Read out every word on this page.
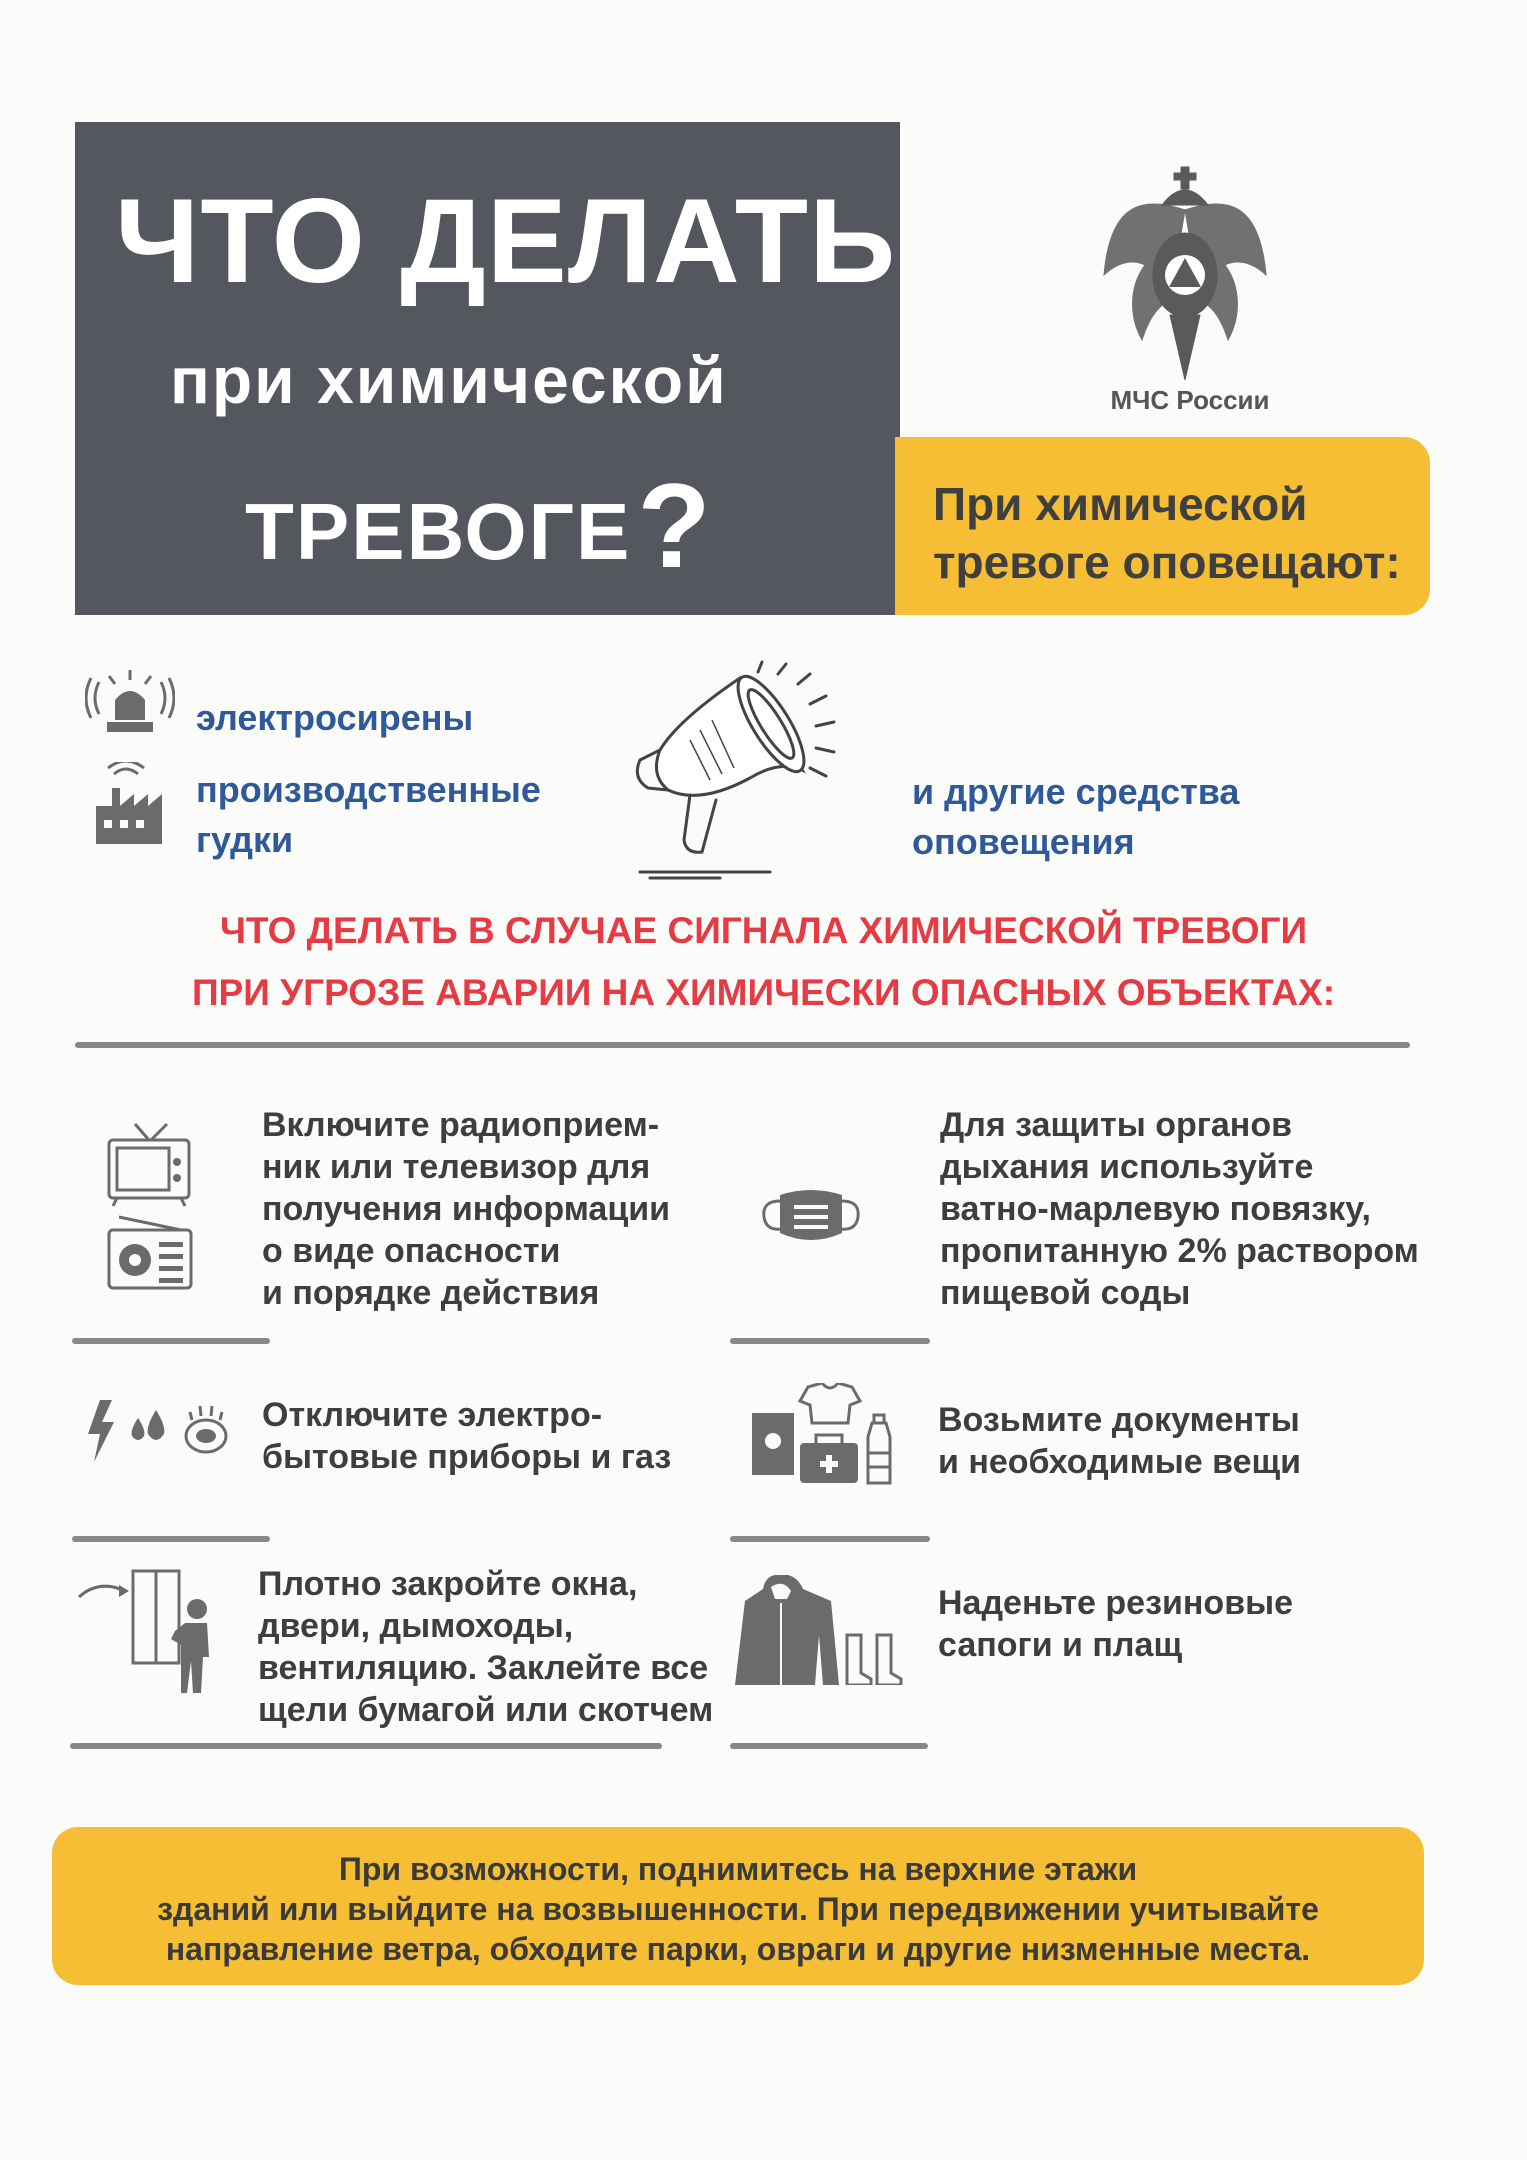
ЧТО ДЕЛАТЬ
при химической
ТРЕВОГЕ?
МЧС России
При химической
тревоге оповещают:
электросирены
производственные
гудки
и другие средства
оповещения
ЧТО ДЕЛАТЬ В СЛУЧАЕ СИГНАЛА ХИМИЧЕСКОЙ ТРЕВОГИ
ПРИ УГРОЗЕ АВАРИИ НА ХИМИЧЕСКИ ОПАСНЫХ ОБЪЕКТАХ:
Включите радиоприем-
ник или телевизор для
получения информации
о виде опасности
и порядке действия
Для защиты органов
дыхания используйте
ватно-марлевую повязку,
пропитанную 2% раствором
пищевой соды
Отключите электро-
бытовые приборы и газ
Возьмите документы
и необходимые вещи
Плотно закройте окна,
двери, дымоходы,
вентиляцию. Заклейте все
щели бумагой или скотчем
Наденьте резиновые
сапоги и плащ
При возможности, поднимитесь на верхние этажи
зданий или выйдите на возвышенности. При передвижении учитывайте
направление ветра, обходите парки, овраги и другие низменные места.
